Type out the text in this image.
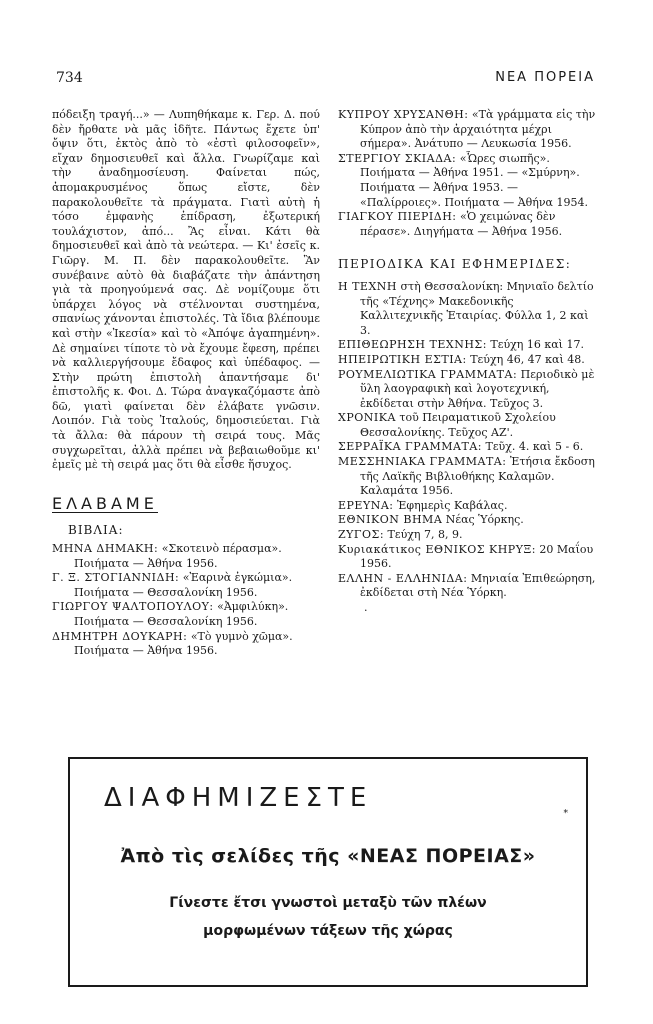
734	ΝΕΑ ΠΟΡΕΙΑ

πόδειξη τραγή...» — Λυπηθήκαμε κ. Γερ. Δ. πού δὲν ἤρθατε νὰ μᾶς ἰδῆτε. Πάντως ἔχετε ὑπ' ὄψιν ὅτι, ἐκτὸς ἀπὸ τὸ «ἐστὶ φιλοσοφεῖν», εἴχαν δημοσιευθεῖ καὶ ἄλλα. Γνωρίζαμε καὶ τὴν ἀναδημοσίευση. Φαίνεται πώς, ἀπομακρυσμένος ὅπως εἴστε, δὲν παρακολουθεῖτε τὰ πράγματα. Γιατὶ αὐτὴ ἡ τόσο ἐμφανὴς ἐπίδραση, ἐξωτερική τουλάχιστον, ἀπό... Ἂς εἶναι. Κάτι θὰ δημοσιευθεῖ καὶ ἀπὸ τὰ νεώτερα. — Κι' ἐσεῖς κ. Γιῶργ. Μ. Π. δὲν παρακολουθεῖτε. Ἂν συνέβαινε αὐτὸ θὰ διαβάζατε τὴν ἀπάντηση γιὰ τὰ προηγούμενά σας. Δὲ νομίζουμε ὅτι ὑπάρχει λόγος νὰ στέλνονται συστημένα, σπανίως χάνονται ἐπιστολές. Τὰ ἴδια βλέπουμε καὶ στὴν «Ἰκεσία» καὶ τὸ «Ἀπόψε ἀγαπημένη». Δὲ σημαίνει τίποτε τὸ νὰ ἔχουμε ἔφεση, πρέπει νὰ καλλιεργήσουμε ἔδαφος καὶ ὑπέδαφος. — Στὴν πρώτη ἐπιστολὴ ἀπαντήσαμε δι' ἐπιστολῆς κ. Φοι. Δ. Τώρα ἀναγκαζόμαστε ἀπὸ δῶ, γιατὶ φαίνεται δὲν ἐλάβατε γνῶσιν. Λοιπόν. Γιὰ τοὺς Ἰταλούς, δημοσιεύεται. Γιὰ τὰ ἄλλα: θὰ πάρουν τὴ σειρά τους. Μᾶς συγχωρεῖται, ἀλλὰ πρέπει νὰ βεβαιωθοῦμε κι' ἐμεῖς μὲ τὴ σειρά μας ὅτι θὰ εἶσθε ἥσυχος.

ΕΛΑΒΑΜΕ
ΒΙΒΛΙΑ:

ΜΗΝΑ ΔΗΜΑΚΗ: «Σκοτεινὸ πέρασμα». Ποιήματα — Ἀθήνα 1956.

Γ. Ξ. ΣΤΟΓΙΑΝΝΙΔΗ: «Ἐαρινὰ ἐγκώμια». Ποιήματα — Θεσσαλονίκη 1956.

ΓΙΩΡΓΟΥ ΨΑΛΤΟΠΟΥΛΟΥ: «Ἀμφιλύκη». Ποιήματα — Θεσσαλονίκη 1956.

ΔΗΜΗΤΡΗ ΔΟΥΚΑΡΗ: «Τὸ γυμνὸ χῶμα». Ποιήματα — Ἀθήνα 1956.

ΚΥΠΡΟΥ ΧΡΥΣΑΝΘΗ: «Τὰ γράμματα εἰς τὴν Κύπρον ἀπὸ τὴν ἀρχαιότητα μέχρι σήμερα». Ἀνάτυπο — Λευκωσία 1956.

ΣΤΕΡΓΙΟΥ ΣΚΙΑΔΑ: «Ὧρες σιωπῆς». Ποιήματα — Ἀθήνα 1951. — «Σμύρνη». Ποιήματα — Ἀθήνα 1953. — «Παλίρροιες». Ποιήματα — Ἀθήνα 1954.

ΓΙΑΓΚΟΥ ΠΙΕΡΙΔΗ: «Ὁ χειμώνας δὲν πέρασε». Διηγήματα — Ἀθήνα 1956.

ΠΕΡΙΟΔΙΚΑ ΚΑΙ ΕΦΗΜΕΡΙΔΕΣ:

Η ΤΕΧΝΗ στὴ Θεσσαλονίκη: Μηνιαῖο δελτίο τῆς «Τέχνης» Μακεδονικῆς Καλλιτεχνικῆς Ἑταιρίας. Φύλλα 1, 2 καὶ 3.

ΕΠΙΘΕΩΡΗΣΗ ΤΕΧΝΗΣ: Τεύχη 16 καὶ 17.

ΗΠΕΙΡΩΤΙΚΗ ΕΣΤΙΑ: Τεύχη 46, 47 καὶ 48.

ΡΟΥΜΕΛΙΩΤΙΚΑ ΓΡΑΜΜΑΤΑ: Περιοδικὸ μὲ ὕλη λαογραφικὴ καὶ λογοτεχνική, ἐκδίδεται στὴν Ἀθήνα. Τεῦχος 3.

ΧΡΟΝΙΚΑ τοῦ Πειραματικοῦ Σχολείου Θεσσαλονίκης. Τεῦχος ΑΖ'.

ΣΕΡΡΑΪΚΑ ΓΡΑΜΜΑΤΑ: Τεῦχ. 4. καὶ 5 - 6.

ΜΕΣΣΗΝΙΑΚΑ ΓΡΑΜΜΑΤΑ: Ἐτήσια ἔκδοση τῆς Λαϊκῆς Βιβλιοθήκης Καλαμῶν. Καλαμάτα 1956.

ΕΡΕΥΝΑ: Ἐφημερὶς Καβάλας.

ΕΘΝΙΚΟΝ ΒΗΜΑ Νέας Ὑόρκης.

ΖΥΓΟΣ: Τεύχη 7, 8, 9.

Κυριακάτικος ΕΘΝΙΚΟΣ ΚΗΡΥΞ: 20 Μαΐου 1956.

ΕΛΛΗΝ - ΕΛΛΗΝΙΔΑ: Μηνιαία Ἐπιθεώρηση, ἐκδίδεται στὴ Νέα Ὑόρκη.

.
ΔΙΑΦΗΜΙΖΕΣΤΕ
*
Ἀπὸ τὶς σελίδες τῆς «ΝΕΑΣ ΠΟΡΕΙΑΣ»
Γίνεστε ἔτσι γνωστοὶ μεταξὺ τῶν πλέων
μορφωμένων τάξεων τῆς χώρας
